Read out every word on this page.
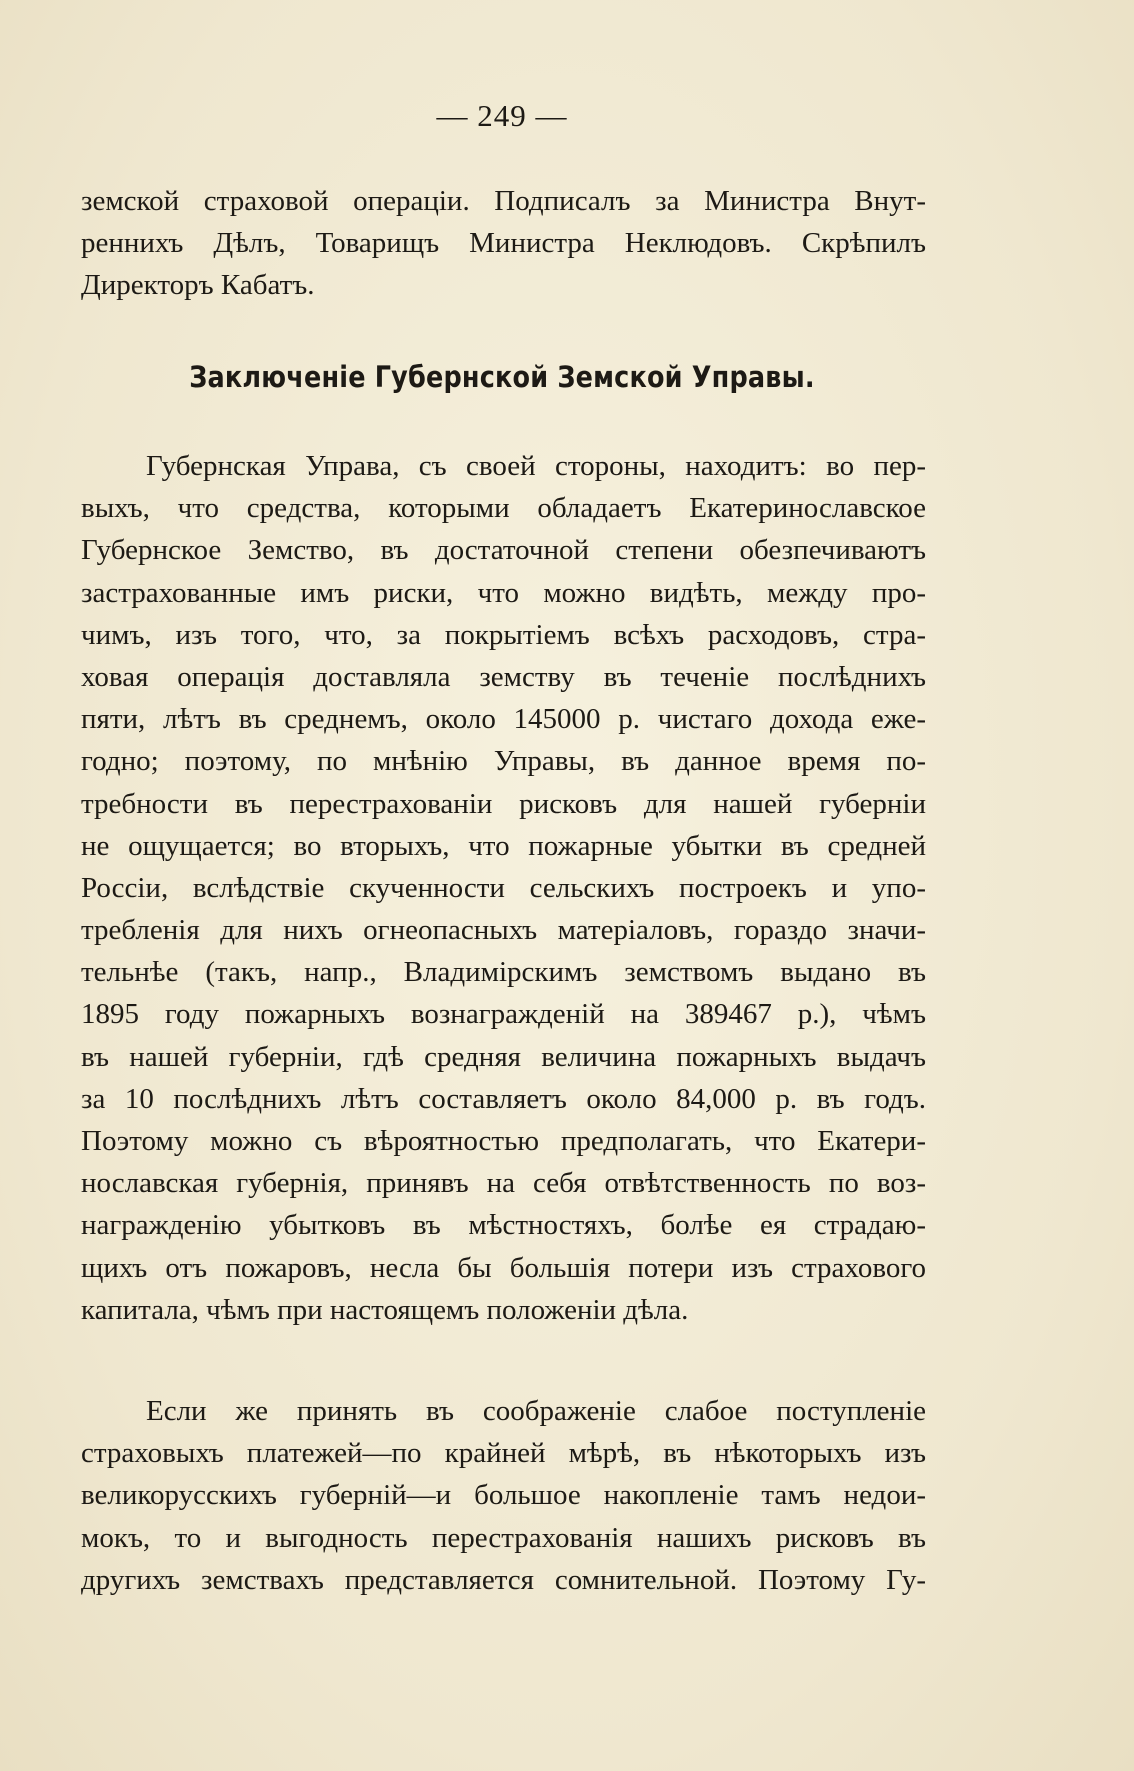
— 249 —
земской страховой операціи. Подписалъ за Министра Внут-
реннихъ Дѣлъ, Товарищъ Министра Неклюдовъ. Скрѣпилъ
Директоръ Кабатъ.
Заключеніе Губернской Земской Управы.
Губернская Управа, съ своей стороны, находитъ: во пер-
выхъ, что средства, которыми обладаетъ Екатеринославское
Губернское Земство, въ достаточной степени обезпечиваютъ
застрахованные имъ риски, что можно видѣть, между про-
чимъ, изъ того, что, за покрытіемъ всѣхъ расходовъ, стра-
ховая операція доставляла земству въ теченіе послѣднихъ
пяти, лѣтъ въ среднемъ, около 145000 р. чистаго дохода еже-
годно; поэтому, по мнѣнію Управы, въ данное время по-
требности въ перестрахованіи рисковъ для нашей губерніи
не ощущается; во вторыхъ, что пожарные убытки въ средней
Россіи, вслѣдствіе скученности сельскихъ построекъ и упо-
требленія для нихъ огнеопасныхъ матеріаловъ, гораздо значи-
тельнѣе (такъ, напр., Владимірскимъ земствомъ выдано въ
1895 году пожарныхъ вознагражденій на 389467 р.), чѣмъ
въ нашей губерніи, гдѣ средняя величина пожарныхъ выдачъ
за 10 послѣднихъ лѣтъ составляетъ около 84,000 р. въ годъ.
Поэтому можно съ вѣроятностью предполагать, что Екатери-
нославская губернія, принявъ на себя отвѣтственность по воз-
награжденію убытковъ въ мѣстностяхъ, болѣе ея страдаю-
щихъ отъ пожаровъ, несла бы большія потери изъ страхового
капитала, чѣмъ при настоящемъ положеніи дѣла.
Если же принять въ соображеніе слабое поступленіе
страховыхъ платежей—по крайней мѣрѣ, въ нѣкоторыхъ изъ
великорусскихъ губерній—и большое накопленіе тамъ недои-
мокъ, то и выгодность перестрахованія нашихъ рисковъ въ
другихъ земствахъ представляется сомнительной. Поэтому Гу-
